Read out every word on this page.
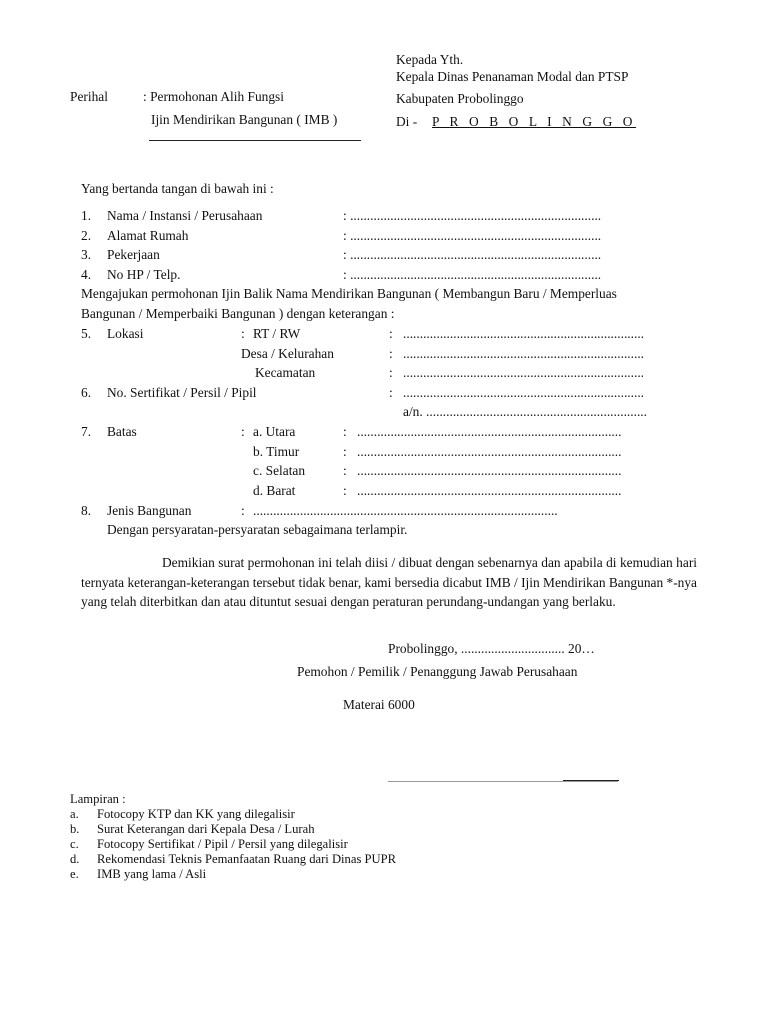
Kepada Yth.
Kepala Dinas Penanaman Modal dan PTSP
Kabupaten Probolinggo
Di - P R O B O L I N G G O
Perihal	: Permohonan Alih Fungsi
Ijin Mendirikan Bangunan ( IMB )
Yang bertanda tangan di bawah ini :
1. Nama / Instansi / Perusahaan	: ...........................................................................
2. Alamat Rumah	: ...........................................................................
3. Pekerjaan	: ...........................................................................
4. No HP / Telp.	: ...........................................................................
Mengajukan permohonan Ijin Balik Nama Mendirikan Bangunan ( Membangun Baru / Memperluas
Bangunan / Memperbaiki Bangunan ) dengan keterangan :
5. Lokasi	: RT / RW	: ........................................................................
Desa / Kelurahan	: ........................................................................
Kecamatan	: ........................................................................
6. No. Sertifikat / Persil / Pipil	: ........................................................................
a/n. ..................................................................
7. Batas	: a. Utara	: ...............................................................................
b. Timur	: ...............................................................................
c. Selatan	: ...............................................................................
d. Barat	: ...............................................................................
8. Jenis Bangunan	: ...........................................................................................
Dengan persyaratan-persyaratan sebagaimana terlampir.

Demikian surat permohonan ini telah diisi / dibuat dengan sebenarnya dan apabila di kemudian hari ternyata keterangan-keterangan tersebut tidak benar, kami bersedia dicabut IMB / Ijin Mendirikan Bangunan *-nya yang telah diterbitkan dan atau dituntut sesuai dengan peraturan perundang-undangan yang berlaku.

Probolinggo, ............................... 20…
Pemohon / Pemilik / Penanggung Jawab Perusahaan
Materai 6000
Lampiran :
a. Fotocopy KTP dan KK yang dilegalisir
b. Surat Keterangan dari Kepala Desa / Lurah
c. Fotocopy Sertifikat / Pipil / Persil yang dilegalisir
d. Rekomendasi Teknis Pemanfaatan Ruang dari Dinas PUPR
e. IMB yang lama / Asli
